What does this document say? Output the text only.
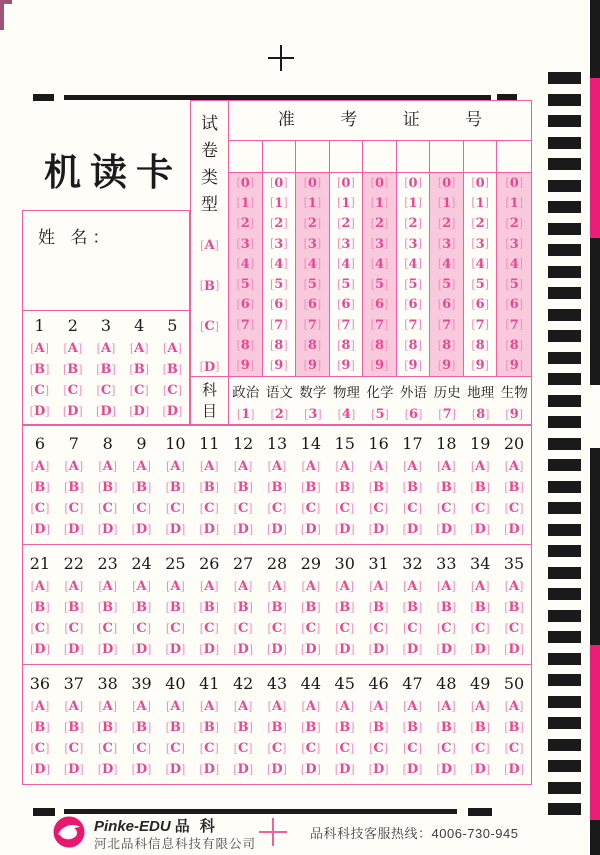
机读卡
姓 名：
试
卷
类
型
[A]
[B]
[C]
[D]
准 考 证 号
[0]
[1]
[2]
[3]
[4]
[5]
[6]
[7]
[8]
[9]
[0]
[1]
[2]
[3]
[4]
[5]
[6]
[7]
[8]
[9]
[0]
[1]
[2]
[3]
[4]
[5]
[6]
[7]
[8]
[9]
[0]
[1]
[2]
[3]
[4]
[5]
[6]
[7]
[8]
[9]
[0]
[1]
[2]
[3]
[4]
[5]
[6]
[7]
[8]
[9]
[0]
[1]
[2]
[3]
[4]
[5]
[6]
[7]
[8]
[9]
[0]
[1]
[2]
[3]
[4]
[5]
[6]
[7]
[8]
[9]
[0]
[1]
[2]
[3]
[4]
[5]
[6]
[7]
[8]
[9]
[0]
[1]
[2]
[3]
[4]
[5]
[6]
[7]
[8]
[9]
科
目
政治
[1]
语文
[2]
数学
[3]
物理
[4]
化学
[5]
外语
[6]
历史
[7]
地理
[8]
生物
[9]
1
[A]
[B]
[C]
[D]
2
[A]
[B]
[C]
[D]
3
[A]
[B]
[C]
[D]
4
[A]
[B]
[C]
[D]
5
[A]
[B]
[C]
[D]
6
[A]
[B]
[C]
[D]
7
[A]
[B]
[C]
[D]
8
[A]
[B]
[C]
[D]
9
[A]
[B]
[C]
[D]
10
[A]
[B]
[C]
[D]
11
[A]
[B]
[C]
[D]
12
[A]
[B]
[C]
[D]
13
[A]
[B]
[C]
[D]
14
[A]
[B]
[C]
[D]
15
[A]
[B]
[C]
[D]
16
[A]
[B]
[C]
[D]
17
[A]
[B]
[C]
[D]
18
[A]
[B]
[C]
[D]
19
[A]
[B]
[C]
[D]
20
[A]
[B]
[C]
[D]
21
[A]
[B]
[C]
[D]
22
[A]
[B]
[C]
[D]
23
[A]
[B]
[C]
[D]
24
[A]
[B]
[C]
[D]
25
[A]
[B]
[C]
[D]
26
[A]
[B]
[C]
[D]
27
[A]
[B]
[C]
[D]
28
[A]
[B]
[C]
[D]
29
[A]
[B]
[C]
[D]
30
[A]
[B]
[C]
[D]
31
[A]
[B]
[C]
[D]
32
[A]
[B]
[C]
[D]
33
[A]
[B]
[C]
[D]
34
[A]
[B]
[C]
[D]
35
[A]
[B]
[C]
[D]
36
[A]
[B]
[C]
[D]
37
[A]
[B]
[C]
[D]
38
[A]
[B]
[C]
[D]
39
[A]
[B]
[C]
[D]
40
[A]
[B]
[C]
[D]
41
[A]
[B]
[C]
[D]
42
[A]
[B]
[C]
[D]
43
[A]
[B]
[C]
[D]
44
[A]
[B]
[C]
[D]
45
[A]
[B]
[C]
[D]
46
[A]
[B]
[C]
[D]
47
[A]
[B]
[C]
[D]
48
[A]
[B]
[C]
[D]
49
[A]
[B]
[C]
[D]
50
[A]
[B]
[C]
[D]
Pinke-EDU 品 科
河北品科信息科技有限公司
品科科技客服热线：4006-730-945
